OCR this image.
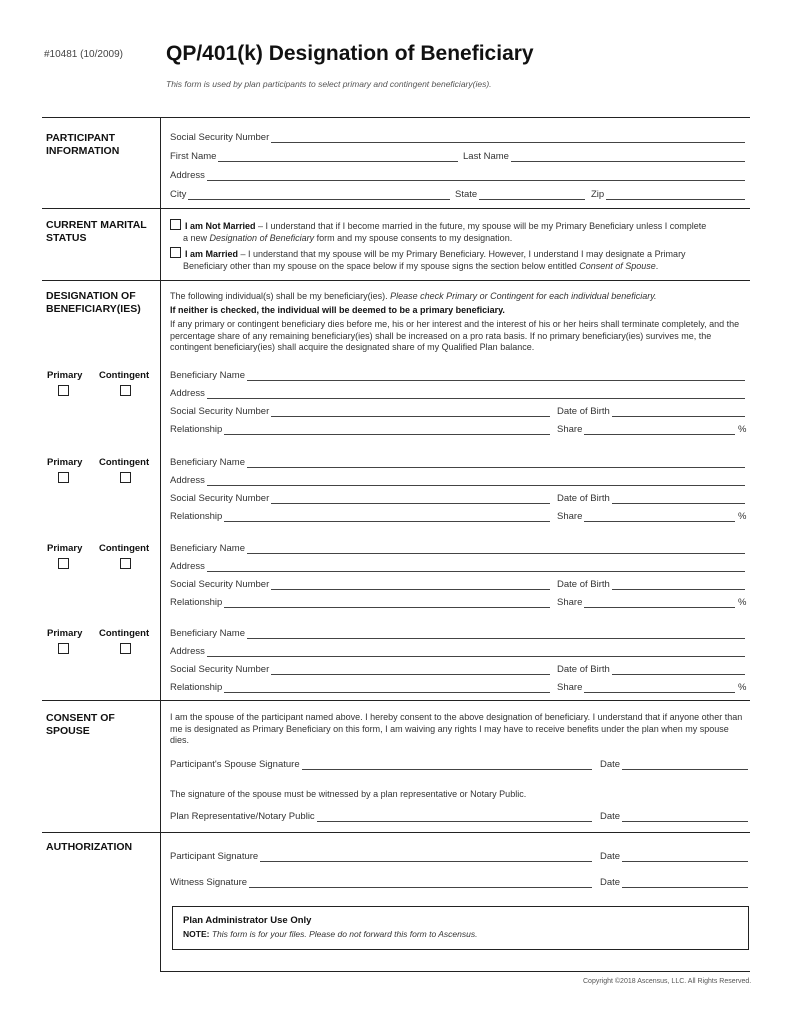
#10481 (10/2009) QP/401(k) Designation of Beneficiary
This form is used by plan participants to select primary and contingent beneficiary(ies).
PARTICIPANT INFORMATION
Social Security Number
First Name	Last Name
Address
City	State	Zip
CURRENT MARITAL STATUS
I am Not Married – I understand that if I become married in the future, my spouse will be my Primary Beneficiary unless I complete
a new Designation of Beneficiary form and my spouse consents to my designation.
I am Married – I understand that my spouse will be my Primary Beneficiary. However, I understand I may designate a Primary
Beneficiary other than my spouse on the space below if my spouse signs the section below entitled Consent of Spouse.
DESIGNATION OF BENEFICIARY(IES)
The following individual(s) shall be my beneficiary(ies). Please check Primary or Contingent for each individual beneficiary.
If neither is checked, the individual will be deemed to be a primary beneficiary.
If any primary or contingent beneficiary dies before me, his or her interest and the interest of his or her heirs shall terminate completely, and the percentage share of any remaining beneficiary(ies) shall be increased on a pro rata basis. If no primary beneficiary(ies) survives me, the contingent beneficiary(ies) shall acquire the designated share of my Qualified Plan balance.
Primary Contingent Beneficiary Name
Address
Social Security Number	Date of Birth
Relationship	Share	%
Primary Contingent Beneficiary Name
Address
Social Security Number	Date of Birth
Relationship	Share	%
Primary Contingent Beneficiary Name
Address
Social Security Number	Date of Birth
Relationship	Share	%
Primary Contingent Beneficiary Name
Address
Social Security Number	Date of Birth
Relationship	Share	%
CONSENT OF SPOUSE
I am the spouse of the participant named above. I hereby consent to the above designation of beneficiary. I understand that if anyone other than me is designated as Primary Beneficiary on this form, I am waiving any rights I may have to receive benefits under the plan when my spouse dies.
Participant's Spouse Signature	Date
The signature of the spouse must be witnessed by a plan representative or Notary Public.
Plan Representative/Notary Public	Date
AUTHORIZATION
Participant Signature	Date
Witness Signature	Date
Plan Administrator Use Only
NOTE: This form is for your files. Please do not forward this form to Ascensus.
Copyright ©2018 Ascensus, LLC. All Rights Reserved.
